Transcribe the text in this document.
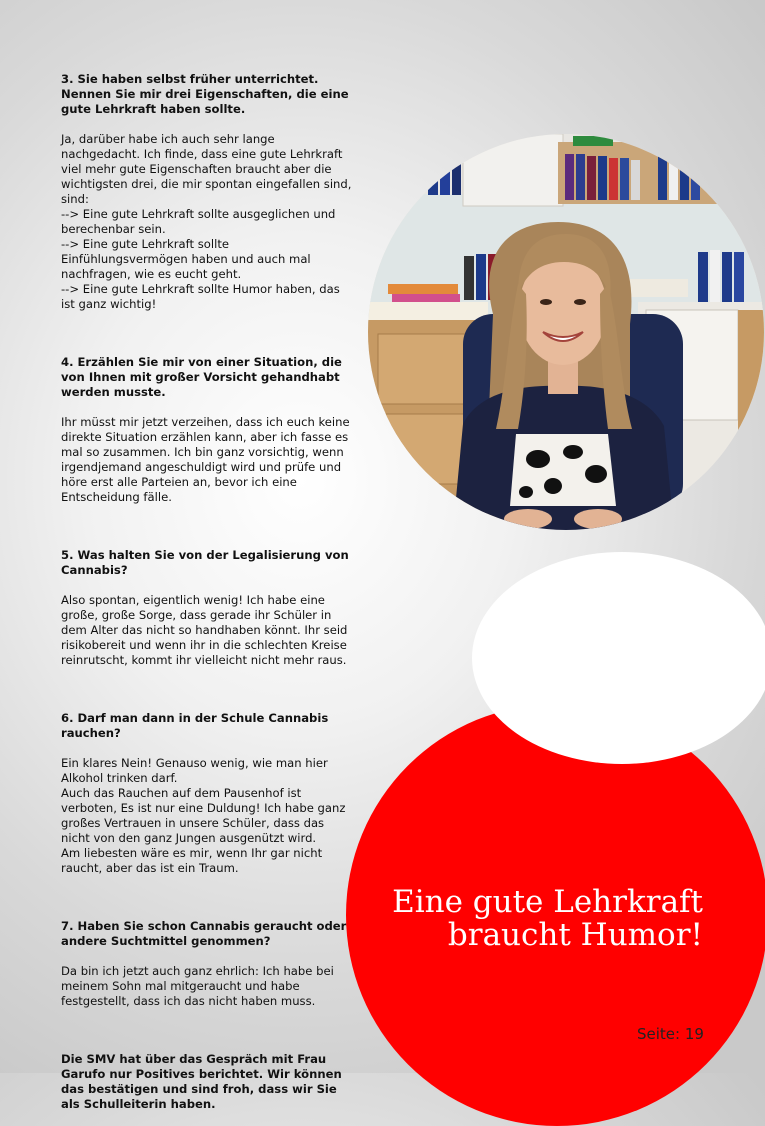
3. Sie haben selbst früher unterrichtet. Nennen Sie mir drei Eigenschaften, die eine gute Lehrkraft haben sollte.

Ja, darüber habe ich auch sehr lange nachgedacht. Ich finde, dass eine gute Lehrkraft viel mehr gute Eigenschaften braucht aber die wichtigsten drei, die mir spontan eingefallen sind, sind:
--> Eine gute Lehrkraft sollte ausgeglichen und berechenbar sein.
--> Eine gute Lehrkraft sollte Einfühlungsvermögen haben und auch mal nachfragen, wie es eucht geht.
--> Eine gute Lehrkraft sollte Humor haben, das ist ganz wichtig!

4. Erzählen Sie mir von einer Situation, die von Ihnen mit großer Vorsicht gehandhabt werden musste.

Ihr müsst mir jetzt verzeihen, dass ich euch keine direkte Situation erzählen kann, aber ich fasse es mal so zusammen. Ich bin ganz vorsichtig, wenn irgendjemand angeschuldigt wird und prüfe und höre erst alle Parteien an, bevor ich eine Entscheidung fälle.

5. Was halten Sie von der Legalisierung von Cannabis?

Also spontan, eigentlich wenig! Ich habe eine große, große Sorge, dass gerade ihr Schüler in dem Alter das nicht so handhaben könnt. Ihr seid risikobereit und wenn ihr in die schlechten Kreise reinrutscht, kommt ihr vielleicht nicht mehr raus.

6. Darf man dann in der Schule Cannabis rauchen?

Ein klares Nein! Genauso wenig, wie man hier Alkohol trinken darf.
Auch das Rauchen auf dem Pausenhof ist verboten, Es ist nur eine Duldung! Ich habe ganz großes Vertrauen in unsere Schüler, dass das nicht von den ganz Jungen ausgenützt wird.
Am liebesten wäre es mir, wenn Ihr gar nicht raucht, aber das ist ein Traum.

7. Haben Sie schon Cannabis geraucht oder andere Suchtmittel genommen?

Da bin ich jetzt auch ganz ehrlich: Ich habe bei meinem Sohn mal mitgeraucht und habe festgestellt, dass ich das nicht haben muss.

Die SMV hat über das Gespräch mit Frau Garufo nur Positives berichtet. Wir können das bestätigen und sind froh, dass wir Sie als Schulleiterin haben.

Eine gute Lehrkraft
braucht Humor!
Seite: 19
